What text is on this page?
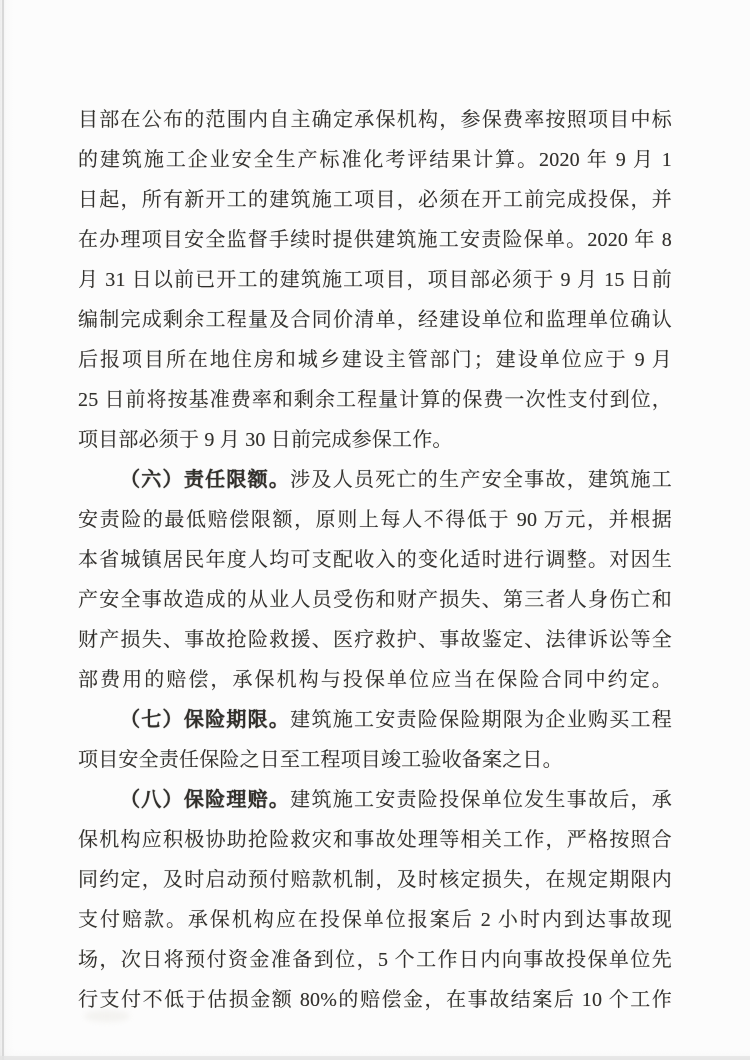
目部在公布的范围内自主确定承保机构，参保费率按照项目中标
的建筑施工企业安全生产标准化考评结果计算。2020 年 9 月 1
日起，所有新开工的建筑施工项目，必须在开工前完成投保，并
在办理项目安全监督手续时提供建筑施工安责险保单。2020 年 8
月 31 日以前已开工的建筑施工项目，项目部必须于 9 月 15 日前
编制完成剩余工程量及合同价清单，经建设单位和监理单位确认
后报项目所在地住房和城乡建设主管部门；建设单位应于 9 月
25 日前将按基准费率和剩余工程量计算的保费一次性支付到位，
项目部必须于 9 月 30 日前完成参保工作。
（六）责任限额。涉及人员死亡的生产安全事故，建筑施工
安责险的最低赔偿限额，原则上每人不得低于 90 万元，并根据
本省城镇居民年度人均可支配收入的变化适时进行调整。对因生
产安全事故造成的从业人员受伤和财产损失、第三者人身伤亡和
财产损失、事故抢险救援、医疗救护、事故鉴定、法律诉讼等全
部费用的赔偿，承保机构与投保单位应当在保险合同中约定。
（七）保险期限。建筑施工安责险保险期限为企业购买工程
项目安全责任保险之日至工程项目竣工验收备案之日。
（八）保险理赔。建筑施工安责险投保单位发生事故后，承
保机构应积极协助抢险救灾和事故处理等相关工作，严格按照合
同约定，及时启动预付赔款机制，及时核定损失，在规定期限内
支付赔款。承保机构应在投保单位报案后 2 小时内到达事故现
场，次日将预付资金准备到位，5 个工作日内向事故投保单位先
行支付不低于估损金额 80%的赔偿金，在事故结案后 10 个工作
